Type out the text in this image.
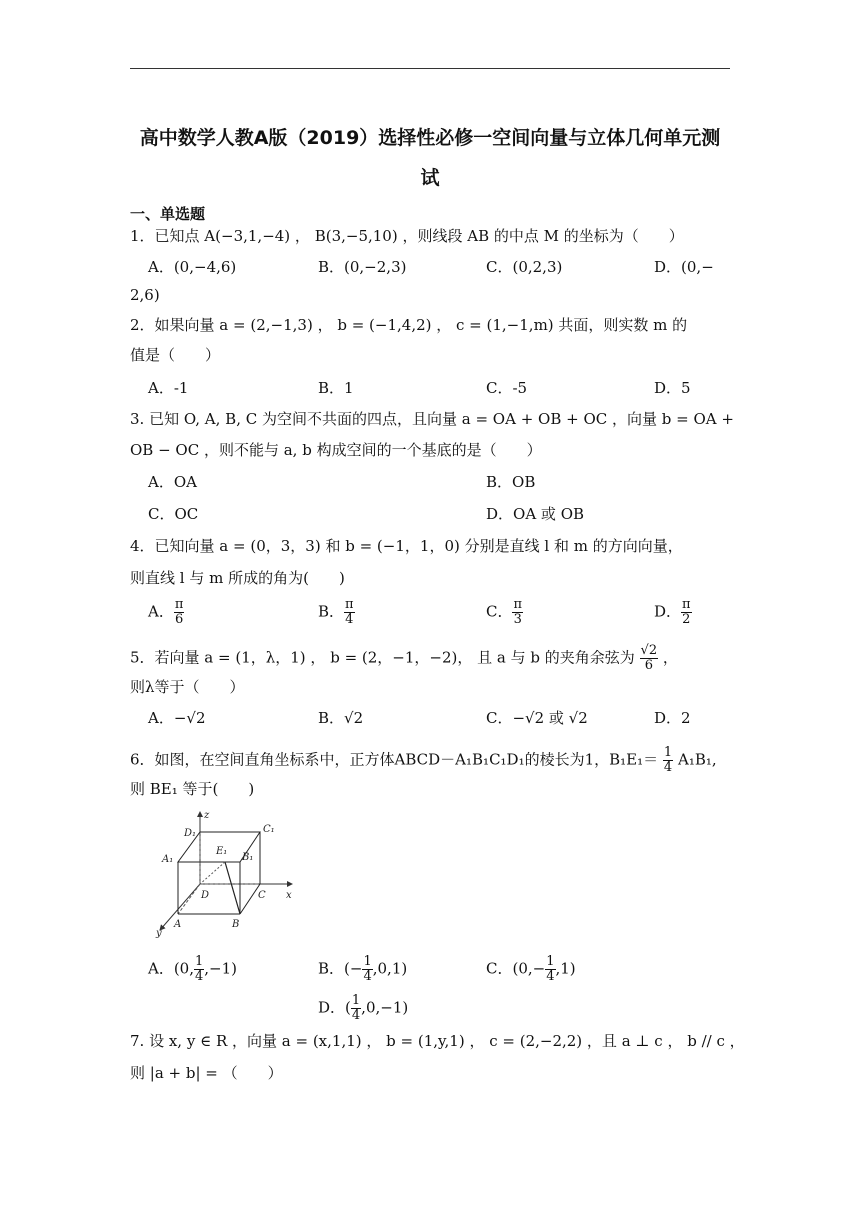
高中数学人教A版（2019）选择性必修一空间向量与立体几何单元测
试
一、单选题
1．已知点 A(−3,1,−4) ， B(3,−5,10) ，则线段 AB 的中点 M 的坐标为（　　）
A．(0,−4,6)	B．(0,−2,3)	C．(0,2,3)	D．(0,−
2,6)
2．如果向量 a = (2,−1,3) ， b = (−1,4,2) ， c = (1,−1,m) 共面，则实数 m 的
值是（　　）
A．-1	B．1	C．-5	D．5
3. 已知 O, A, B, C 为空间不共面的四点，且向量 a = OA + OB + OC ，向量 b = OA +
OB − OC ，则不能与 a, b 构成空间的一个基底的是（　　）
A．OA	B．OB
C．OC	D．OA 或 OB
4．已知向量 a = (0，3，3) 和 b = (−1，1，0) 分别是直线 l 和 m 的方向向量，
则直线 l 与 m 所成的角为(　　)
A． $\frac{\pi}{6}$	B． $\frac{\pi}{4}$	C． $\frac{\pi}{3}$	D． $\frac{\pi}{2}$
5．若向量 a = (1，λ，1) ， b = (2，−1，−2)， 且 a 与 b 的夹角余弦为 $\frac{√2}{6}$ ，
则λ等于（　　）
A．−√2	B．√2	C．−√2 或 √2	D．2
6．如图，在空间直角坐标系中，正方体ABCD－A₁B₁C₁D₁的棱长为1，$B_1E_1= \frac{1}{4} A_1B_1$,
则 BE₁ 等于(　　)
z
x
y
D₁	C₁
A₁	B₁
E₁
D	C
A	B
A．(0, $\frac{1}{4} ,-1$)	B．(− $\frac{1}{4} ,0,1$)	C．$(0,- \frac{1}{4} ,1)$
D．( $\frac{1}{4} ,0,-1$)
7. 设 x, y ∈ R ，向量 a = (x,1,1) ， b = (1,y,1) ， c = (2,−2,2) ，且 a ⊥ c ， b // c ，
则 |a + b| = （　　）
